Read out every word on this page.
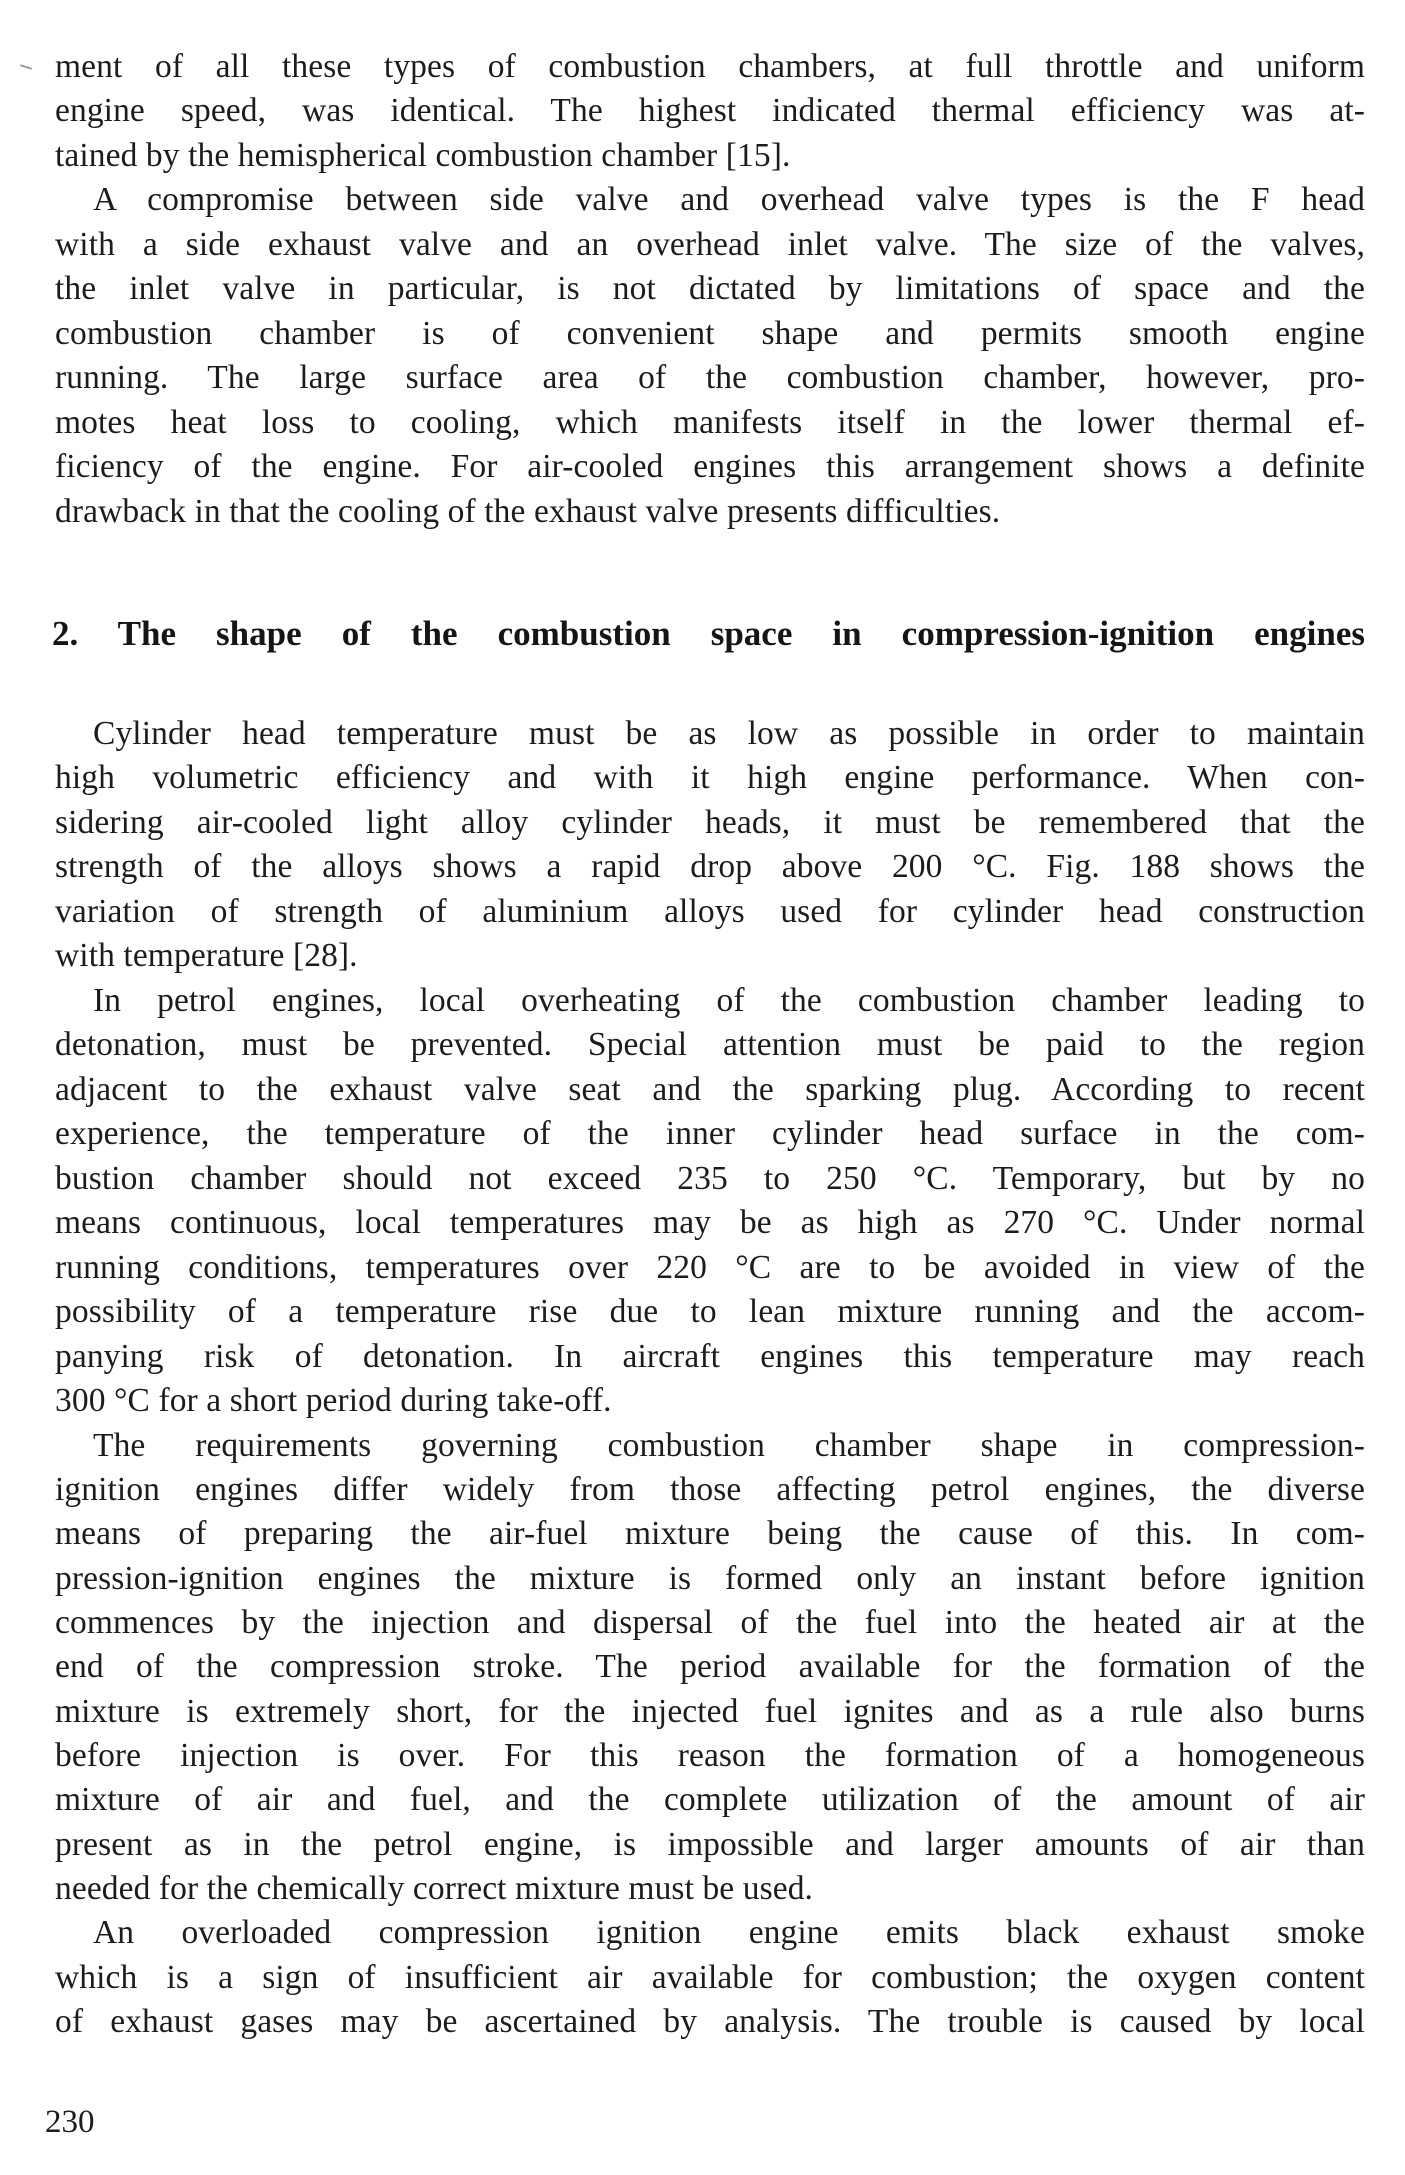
ment of all these types of combustion chambers, at full throttle and uniform
engine speed, was identical. The highest indicated thermal efficiency was at-
tained by the hemispherical combustion chamber [15].
A compromise between side valve and overhead valve types is the F head
with a side exhaust valve and an overhead inlet valve. The size of the valves,
the inlet valve in particular, is not dictated by limitations of space and the
combustion chamber is of convenient shape and permits smooth engine
running. The large surface area of the combustion chamber, however, pro-
motes heat loss to cooling, which manifests itself in the lower thermal ef-
ficiency of the engine. For air-cooled engines this arrangement shows a definite
drawback in that the cooling of the exhaust valve presents difficulties.
2. The shape of the combustion space in compression-ignition engines
Cylinder head temperature must be as low as possible in order to maintain
high volumetric efficiency and with it high engine performance. When con-
sidering air-cooled light alloy cylinder heads, it must be remembered that the
strength of the alloys shows a rapid drop above 200 °C. Fig. 188 shows the
variation of strength of aluminium alloys used for cylinder head construction
with temperature [28].
In petrol engines, local overheating of the combustion chamber leading to
detonation, must be prevented. Special attention must be paid to the region
adjacent to the exhaust valve seat and the sparking plug. According to recent
experience, the temperature of the inner cylinder head surface in the com-
bustion chamber should not exceed 235 to 250 °C. Temporary, but by no
means continuous, local temperatures may be as high as 270 °C. Under normal
running conditions, temperatures over 220 °C are to be avoided in view of the
possibility of a temperature rise due to lean mixture running and the accom-
panying risk of detonation. In aircraft engines this temperature may reach
300 °C for a short period during take-off.
The requirements governing combustion chamber shape in compression-
ignition engines differ widely from those affecting petrol engines, the diverse
means of preparing the air-fuel mixture being the cause of this. In com-
pression-ignition engines the mixture is formed only an instant before ignition
commences by the injection and dispersal of the fuel into the heated air at the
end of the compression stroke. The period available for the formation of the
mixture is extremely short, for the injected fuel ignites and as a rule also burns
before injection is over. For this reason the formation of a homogeneous
mixture of air and fuel, and the complete utilization of the amount of air
present as in the petrol engine, is impossible and larger amounts of air than
needed for the chemically correct mixture must be used.
An overloaded compression ignition engine emits black exhaust smoke
which is a sign of insufficient air available for combustion; the oxygen content
of exhaust gases may be ascertained by analysis. The trouble is caused by local
230
